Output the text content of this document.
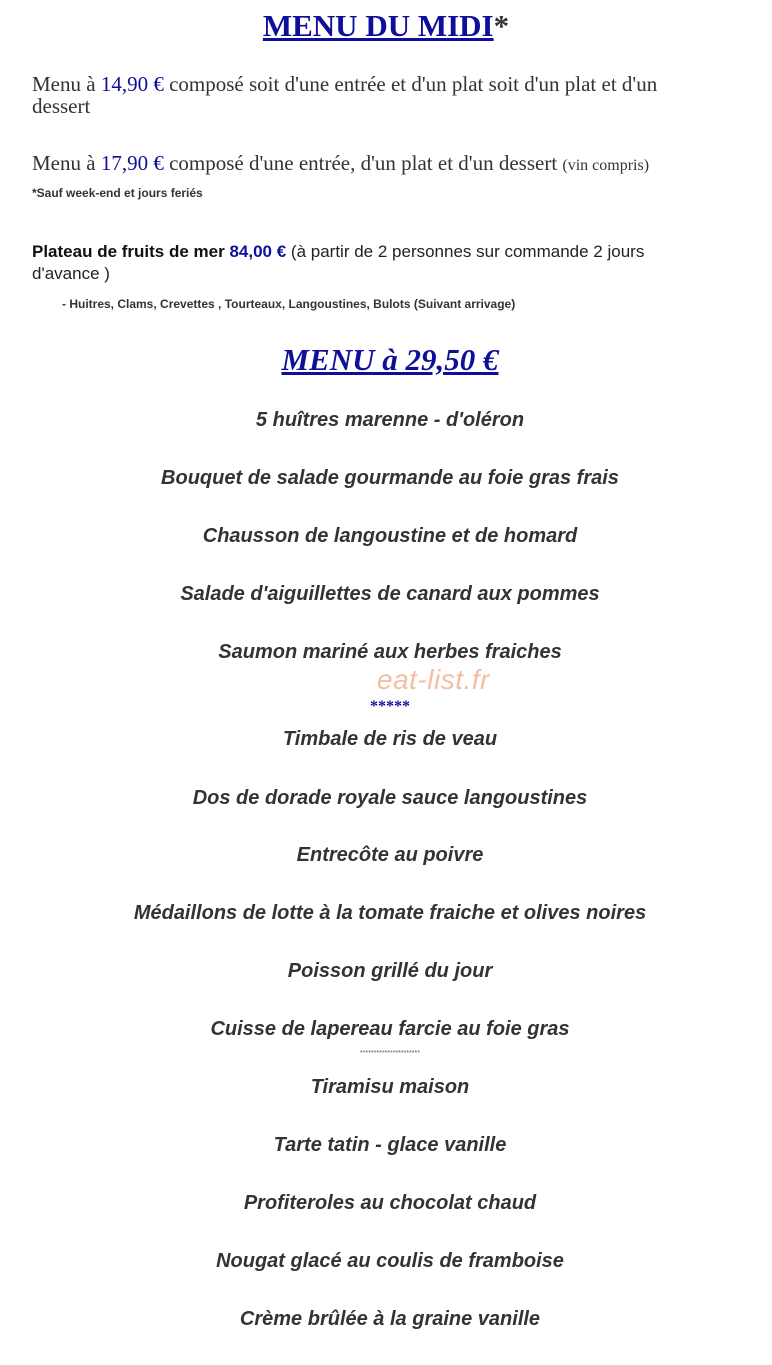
MENU DU MIDI*
Menu à 14,90 € composé soit d'une entrée et d'un plat soit d'un plat et d'un
dessert
Menu à 17,90 € composé d'une entrée, d'un plat et d'un dessert (vin compris)
*Sauf week-end et jours feriés
Plateau de fruits de mer 84,00 € (à partir de 2 personnes sur commande 2 jours
d'avance )
- Huitres, Clams, Crevettes , Tourteaux, Langoustines, Bulots (Suivant arrivage)
MENU à 29,50 €
5 huîtres marenne - d'oléron
Bouquet de salade gourmande au foie gras frais
Chausson de langoustine et de homard
Salade d'aiguillettes de canard aux pommes
Saumon mariné aux herbes fraiches
eat-list.fr
*****
Timbale de ris de veau
Dos de dorade royale sauce langoustines
Entrecôte au poivre
Médaillons de lotte à la tomate fraiche et olives noires
Poisson grillé du jour
Cuisse de lapereau farcie au foie gras
**********************
Tiramisu maison
Tarte tatin - glace vanille
Profiteroles au chocolat chaud
Nougat glacé au coulis de framboise
Crème brûlée à la graine vanille
